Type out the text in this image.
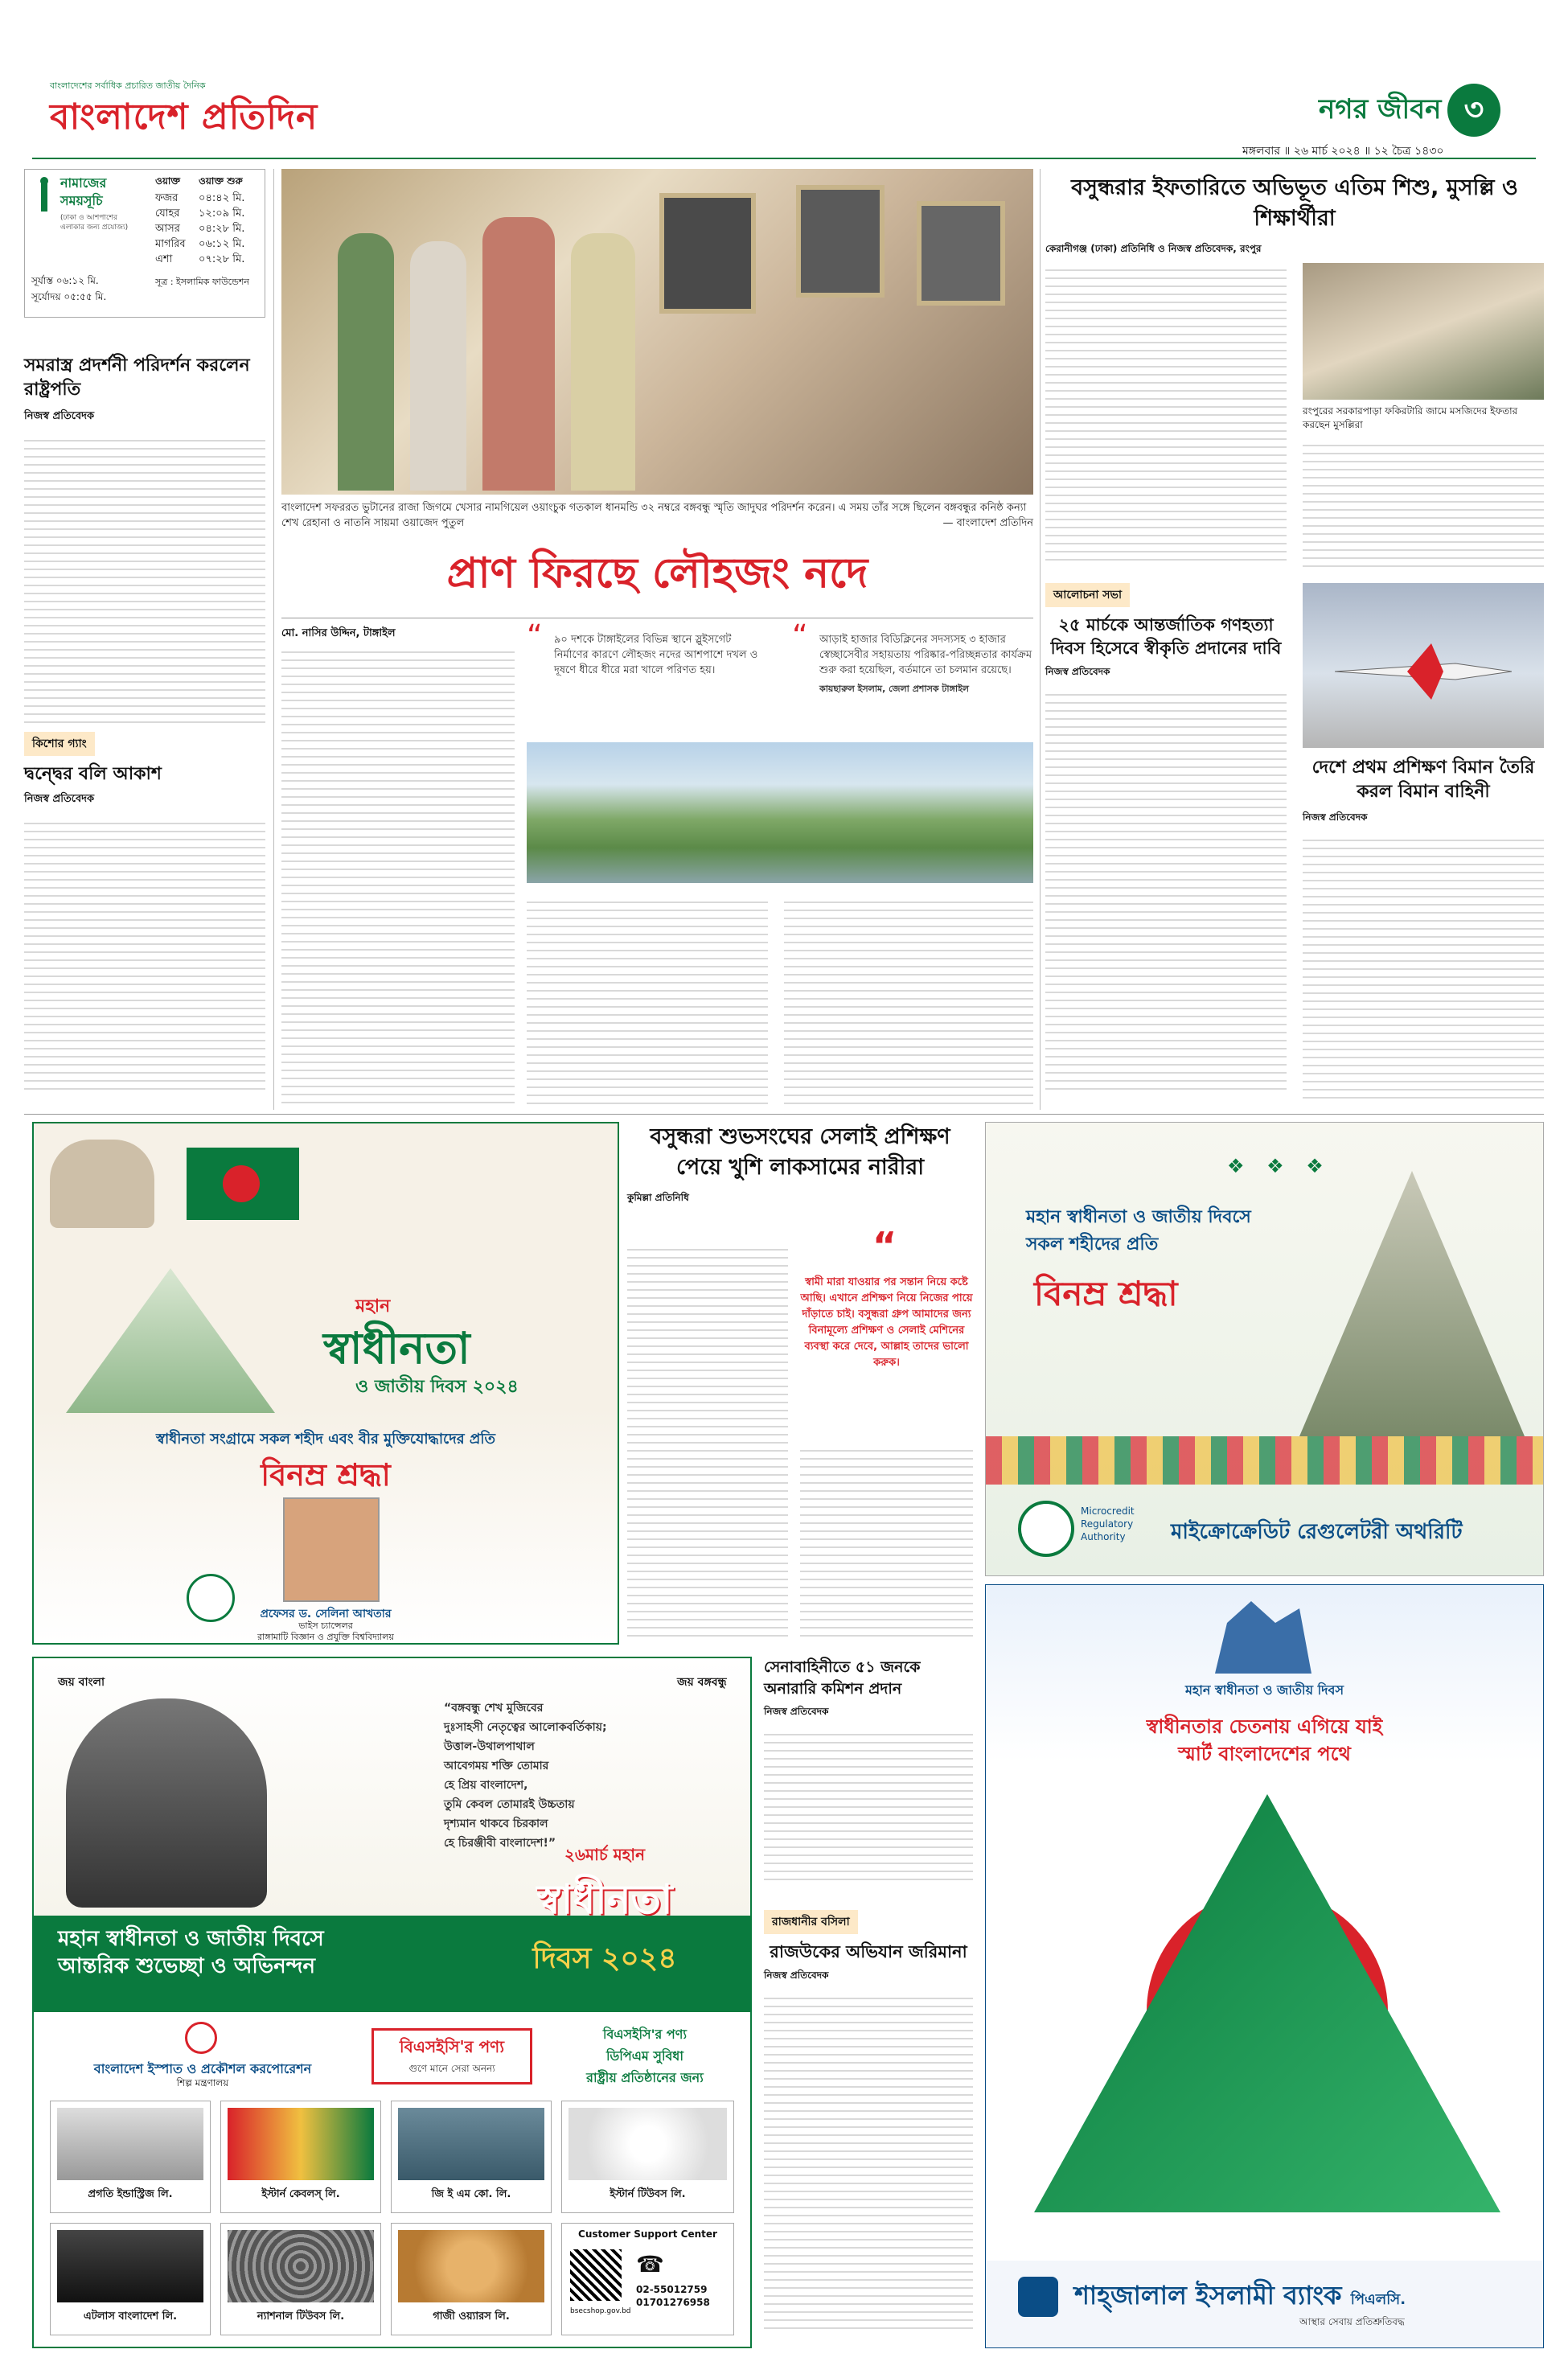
বাংলাদেশের সর্বাধিক প্রচারিত জাতীয় দৈনিক
বাংলাদেশ প্রতিদিন	নগর জীবন ৩
মঙ্গলবার ॥ ২৬ মার্চ ২০২৪ ॥ ১২ চৈত্র ১৪৩০
নামাজের
সময়সূচি
(ঢাকা ও আশপাশের এলাকার জন্য প্রযোজ্য)
ওয়াক্ত ওয়াক্ত শুরু
ফজর ০৪:৪২ মি.
যোহর ১২:০৯ মি.
আসর ০৪:২৮ মি.
মাগরিব ০৬:১২ মি.
এশা	০৭:২৮ মি.
সূর্যাস্ত ০৬:১২ মি.
সূর্যোদয় ০৫:৫৫ মি.
সূত্র : ইসলামিক ফাউন্ডেশন
সমরাস্ত্র প্রদর্শনী পরিদর্শন করলেন রাষ্ট্রপতি
নিজস্ব প্রতিবেদক
কিশোর গ্যাং
দ্বন্দ্বের বলি আকাশ
নিজস্ব প্রতিবেদক
বাংলাদেশ সফররত ভুটানের রাজা জিগমে খেসার নামগিয়েল ওয়াংচুক গতকাল ধানমন্ডি ৩২ নম্বরে বঙ্গবন্ধু স্মৃতি জাদুঘর পরিদর্শন করেন। এ সময় তাঁর সঙ্গে ছিলেন বঙ্গবন্ধুর কনিষ্ঠ কন্যা শেখ রেহানা ও নাতনি সায়মা ওয়াজেদ পুতুল	— বাংলাদেশ প্রতিদিন
প্রাণ ফিরছে লৌহজং নদে
মো. নাসির উদ্দিন, টাঙ্গাইল	“ ৯০ দশকে টাঙ্গাইলের বিভিন্ন স্থানে স্লুইসগেট নির্মাণের কারণে লৌহজং নদের আশপাশে দখল ও দূষণে ধীরে ধীরে মরা খালে পরিণত হয়।
“ আড়াই হাজার বিডিক্লিনের সদস্যসহ ৩ হাজার স্বেচ্ছাসেবীর সহায়তায় পরিষ্কার-পরিচ্ছন্নতার কার্যক্রম শুরু করা হয়েছিল, বর্তমানে তা চলমান রয়েছে।
কায়ছারুল ইসলাম, জেলা প্রশাসক টাঙ্গাইল
বসুন্ধরার ইফতারিতে অভিভূত এতিম শিশু, মুসল্লি ও শিক্ষার্থীরা
কেরানীগঞ্জ (ঢাকা) প্রতিনিধি ও নিজস্ব প্রতিবেদক, রংপুর
রংপুরের সরকারপাড়া ফকিরটারি জামে মসজিদের ইফতার করছেন মুসল্লিরা
আলোচনা সভা
২৫ মার্চকে আন্তর্জাতিক গণহত্যা দিবস হিসেবে স্বীকৃতি প্রদানের দাবি
নিজস্ব প্রতিবেদক
দেশে প্রথম প্রশিক্ষণ বিমান তৈরি করল বিমান বাহিনী
নিজস্ব প্রতিবেদক
মহান
স্বাধীনতা
ও জাতীয় দিবস ২০২৪
স্বাধীনতা সংগ্রামে সকল শহীদ এবং বীর মুক্তিযোদ্ধাদের প্রতি
বিনম্র শ্রদ্ধা
প্রফেসর ড. সেলিনা আখতার
ভাইস চ্যান্সেলর
রাঙ্গামাটি বিজ্ঞান ও প্রযুক্তি বিশ্ববিদ্যালয়
বসুন্ধরা শুভসংঘের সেলাই প্রশিক্ষণ পেয়ে খুশি লাকসামের নারীরা
কুমিল্লা প্রতিনিধি
“
স্বামী মারা যাওয়ার পর সন্তান নিয়ে কষ্টে আছি। এখানে প্রশিক্ষণ নিয়ে নিজের পায়ে দাঁড়াতে চাই। বসুন্ধরা গ্রুপ আমাদের জন্য বিনামূল্যে প্রশিক্ষণ ও সেলাই মেশিনের ব্যবস্থা করে দেবে, আল্লাহ তাদের ভালো করুক।
মহান স্বাধীনতা ও জাতীয় দিবসে
সকল শহীদের প্রতি
বিনম্র শ্রদ্ধা
❖ ❖ ❖
Microcredit
Regulatory
Authority	মাইক্রোক্রেডিট রেগুলেটরী অথরিটি
জয় বাংলা	জয় বঙ্গবন্ধু
“বঙ্গবন্ধু শেখ মুজিবের
দুঃসাহসী নেতৃত্বের আলোকবর্তিকায়;
উত্তাল-উথালপাথাল
আবেগময় শক্তি তোমার
হে প্রিয় বাংলাদেশ,
তুমি কেবল তোমারই উচ্চতায়
দৃশ্যমান থাকবে চিরকাল
হে চিরঞ্জীবী বাংলাদেশ!”
মহান স্বাধীনতা ও জাতীয় দিবসে আন্তরিক শুভেচ্ছা ও অভিনন্দন
২৬মার্চ মহান
স্বাধীনতা
দিবস ২০২৪
বাংলাদেশ ইস্পাত ও প্রকৌশল করপোরেশন
শিল্প মন্ত্রণালয়
বিএসইসি'র পণ্য
গুণে মানে সেরা অনন্য
বিএসইসি'র পণ্য
ডিপিএম সুবিধা
রাষ্ট্রীয় প্রতিষ্ঠানের জন্য
প্রগতি ইন্ডাস্ট্রিজ লি.	ইস্টার্ন কেবলস্ লি.	জি ই এম কো. লি.	ইস্টার্ন টিউবস লি.
এটলাস বাংলাদেশ লি.	ন্যাশনাল টিউবস লি.	গাজী ওয়্যারস লি.
Customer Support Center
☎
02-55012759
01701276958
bsecshop.gov.bd
সেনাবাহিনীতে ৫১ জনকে অনারারি কমিশন প্রদান
নিজস্ব প্রতিবেদক
রাজধানীর বসিলা
রাজউকের অভিযান জরিমানা
নিজস্ব প্রতিবেদক
মহান স্বাধীনতা ও জাতীয় দিবস
স্বাধীনতার চেতনায় এগিয়ে যাই
স্মার্ট বাংলাদেশের পথে
✦ ✦ ✦
শাহ্জালাল ইসলামী ব্যাংক পিএলসি.
আস্থার সেবায় প্রতিশ্রুতিবদ্ধ
